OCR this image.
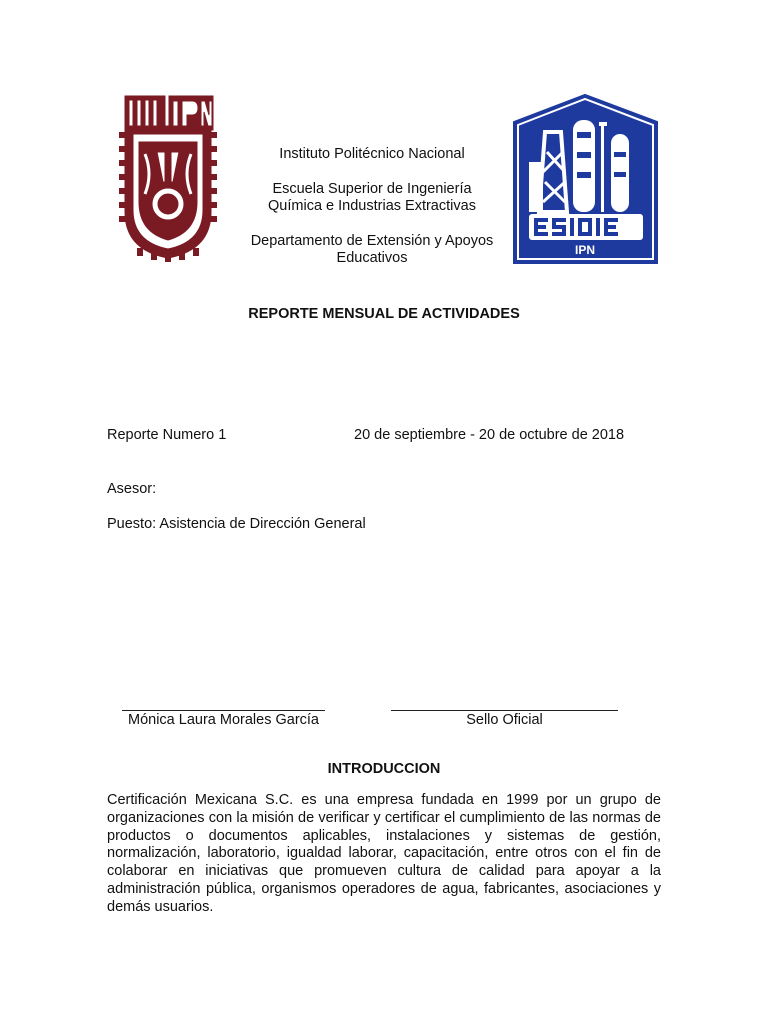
IPN

Instituto Politécnico Nacional

Escuela Superior de Ingeniería

Química e Industrias Extractivas

Departamento de Extensión y Apoyos Educativos

REPORTE MENSUAL DE ACTIVIDADES
Reporte Numero 1	20 de septiembre - 20 de octubre de 2018
Asesor:
Puesto: Asistencia de Dirección General
Mónica Laura Morales García	Sello Oficial
INTRODUCCION

Certificación Mexicana S.C. es una empresa fundada en 1999 por un grupo de organizaciones con la misión de verificar y certificar el cumplimiento de las normas de productos o documentos aplicables, instalaciones y sistemas de gestión, normalización, laboratorio, igualdad laborar, capacitación, entre otros con el fin de colaborar en iniciativas que promueven cultura de calidad para apoyar a la administración pública, organismos operadores de agua, fabricantes, asociaciones y demás usuarios.
